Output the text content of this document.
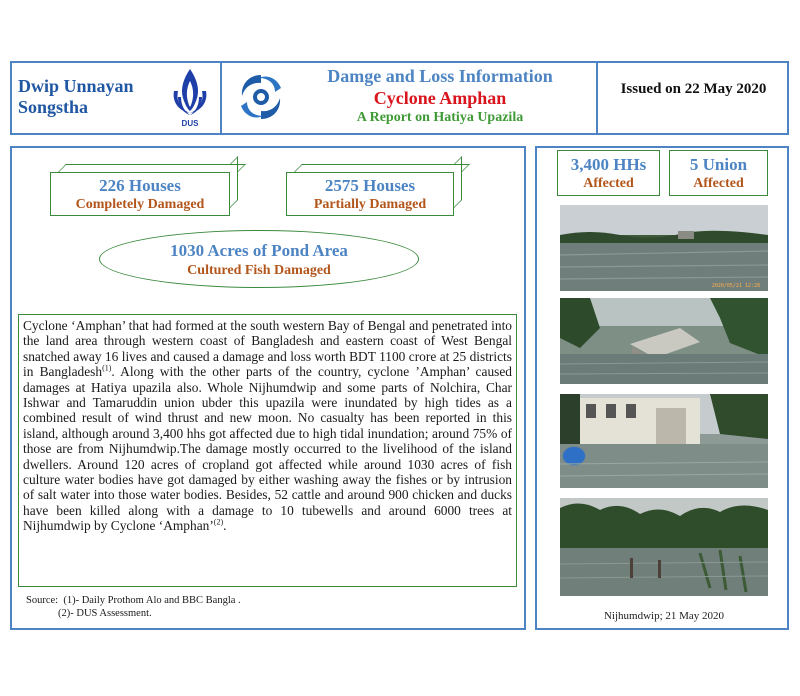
Dwip Unnayan
Songstha
DUS
Damge and Loss Information
Cyclone Amphan
A Report on Hatiya Upazila
Issued on 22 May 2020
226 Houses
Completely Damaged
2575 Houses
Partially Damaged
1030 Acres of Pond Area
Cultured Fish Damaged

Cyclone ‘Amphan’ that had formed at the south western Bay of Bengal and penetrated into the land area through western coast of Bangladesh and eastern coast of West Bengal snatched away 16 lives and caused a damage and loss worth BDT 1100 crore at 25 districts in Bangladesh$^{(1)}$. Along with the other parts of the country, cyclone ’Amphan’ caused damages at Hatiya upazila also. Whole Nijhumdwip and some parts of Nolchira, Char Ishwar and Tamaruddin union ubder this upazila were inundated by high tides as a combined result of wind thrust and new moon. No casualty has been reported in this island, although around 3,400 hhs got affected due to high tidal inundation; around 75% of those are from Nijhumdwip.The damage mostly occurred to the livelihood of the island dwellers. Around 120 acres of cropland got affected while around 1030 acres of fish culture water bodies have got damaged by either washing away the fishes or by intrusion of salt water into those water bodies. Besides, 52 cattle and around 900 chicken and ducks have been killed along with a damage to 10 tubewells and around 6000 trees at Nijhumdwip by Cyclone ‘Amphan’$^{(2)}$.

Source: (1)- Daily Prothom Alo and BBC Bangla .
(2)- DUS Assessment.
3,400 HHs
Affected
5 Union
Affected
2020/05/21 12:28
Nijhumdwip; 21 May 2020
